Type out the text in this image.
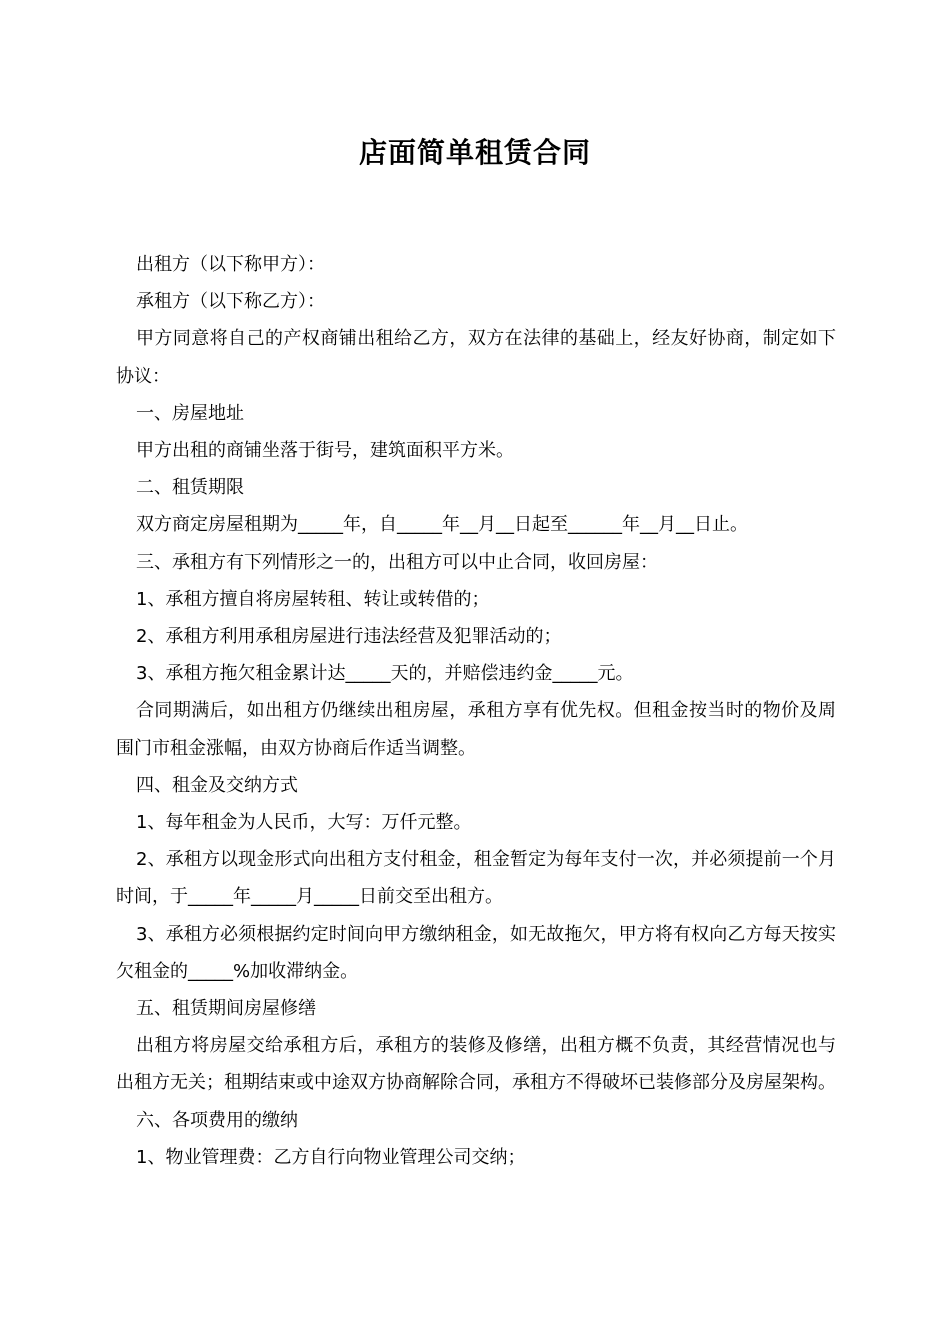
店面简单租赁合同

出租方（以下称甲方）：

承租方（以下称乙方）：

甲方同意将自己的产权商铺出租给乙方，双方在法律的基础上，经友好协商，制定如下协议：

一、房屋地址

甲方出租的商铺坐落于街号，建筑面积平方米。

二、租赁期限

双方商定房屋租期为_____年，自_____年__月__日起至______年__月__日止。

三、承租方有下列情形之一的，出租方可以中止合同，收回房屋：

1、承租方擅自将房屋转租、转让或转借的；

2、承租方利用承租房屋进行违法经营及犯罪活动的；

3、承租方拖欠租金累计达_____天的，并赔偿违约金_____元。

合同期满后，如出租方仍继续出租房屋，承租方享有优先权。但租金按当时的物价及周围门市租金涨幅，由双方协商后作适当调整。

四、租金及交纳方式

1、每年租金为人民币，大写：万仟元整。

2、承租方以现金形式向出租方支付租金，租金暂定为每年支付一次，并必须提前一个月时间，于_____年_____月_____日前交至出租方。

3、承租方必须根据约定时间向甲方缴纳租金，如无故拖欠，甲方将有权向乙方每天按实欠租金的_____%加收滞纳金。

五、租赁期间房屋修缮

出租方将房屋交给承租方后，承租方的装修及修缮，出租方概不负责，其经营情况也与出租方无关；租期结束或中途双方协商解除合同，承租方不得破坏已装修部分及房屋架构。

六、各项费用的缴纳

1、物业管理费：乙方自行向物业管理公司交纳；
